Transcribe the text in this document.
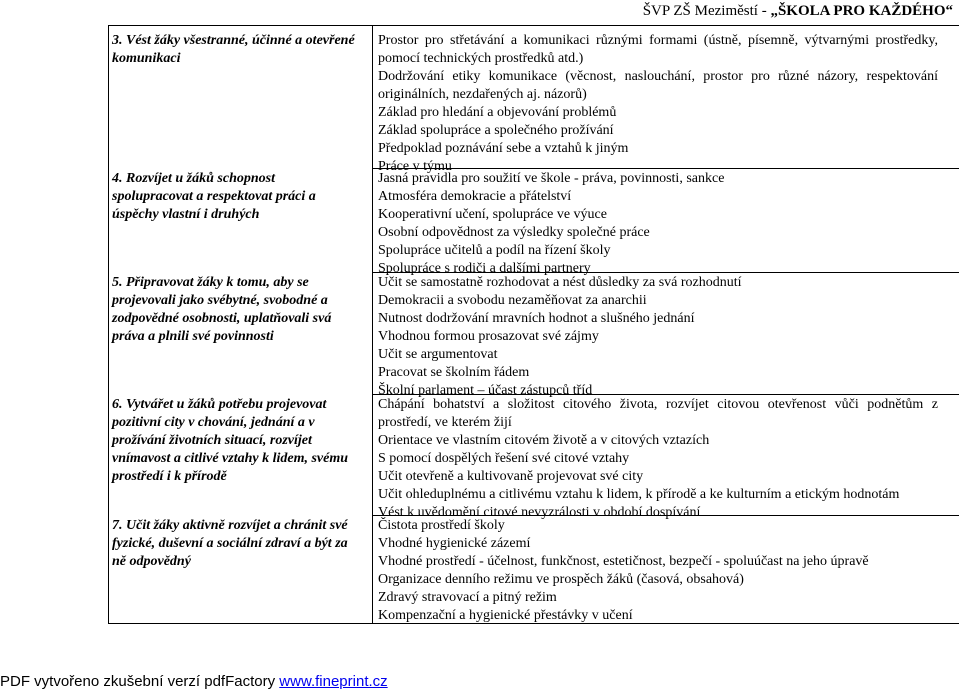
ŠVP ZŠ Meziměstí - „ŠKOLA PRO KAŽDÉHO“
3. Vést žáky všestranné, účinné a otevřené komunikaci
4. Rozvíjet u žáků schopnost spolupracovat a respektovat práci a úspěchy vlastní i druhých
5. Připravovat žáky k tomu, aby se projevovali jako svébytné, svobodné a zodpovědné osobnosti, uplatňovali svá práva a plnili své povinnosti
6. Vytvářet u žáků potřebu projevovat pozitivní city v chování, jednání a v prožívání životních situací, rozvíjet vnímavost a citlivé vztahy k lidem, svému prostředí i k přírodě
7. Učit žáky aktivně rozvíjet a chránit své fyzické, duševní a sociální zdraví a být za ně odpovědný
Prostor pro střetávání a komunikaci různými formami (ústně, písemně, výtvarnými prostředky, pomocí technických prostředků atd.)
Dodržování etiky komunikace (věcnost, naslouchání, prostor pro různé názory, respektování originálních, nezdařených aj. názorů)
Základ pro hledání a objevování problémů
Základ spolupráce a společného prožívání
Předpoklad poznávání sebe a vztahů k jiným
Práce v týmu
Jasná pravidla pro soužití ve škole - práva, povinnosti, sankce
Atmosféra demokracie a přátelství
Kooperativní učení, spolupráce ve výuce
Osobní odpovědnost za výsledky společné práce
Spolupráce učitelů a podíl na řízení školy
Spolupráce s rodiči a dalšími partnery
Učit se samostatně rozhodovat a nést důsledky za svá rozhodnutí
Demokracii a svobodu nezaměňovat za anarchii
Nutnost dodržování mravních hodnot a slušného jednání
Vhodnou formou prosazovat své zájmy
Učit se argumentovat
Pracovat se školním řádem
Školní parlament – účast zástupců tříd
Chápání bohatství a složitost citového života, rozvíjet citovou otevřenost vůči podnětům z prostředí, ve kterém žijí
Orientace ve vlastním citovém životě a v citových vztazích
S pomocí dospělých řešení své citové vztahy
Učit otevřeně a kultivovaně projevovat své city
Učit ohleduplnému a citlivému vztahu k lidem, k přírodě a ke kulturním a etickým hodnotám
Vést k uvědomění citové nevyzrálosti v období dospívání
Čistota prostředí školy
Vhodné hygienické zázemí
Vhodné prostředí - účelnost, funkčnost, estetičnost, bezpečí - spoluúčast na jeho úpravě
Organizace denního režimu ve prospěch žáků (časová, obsahová)
Zdravý stravovací a pitný režim
Kompenzační a hygienické přestávky v učení
PDF vytvořeno zkušební verzí pdfFactory www.fineprint.cz
